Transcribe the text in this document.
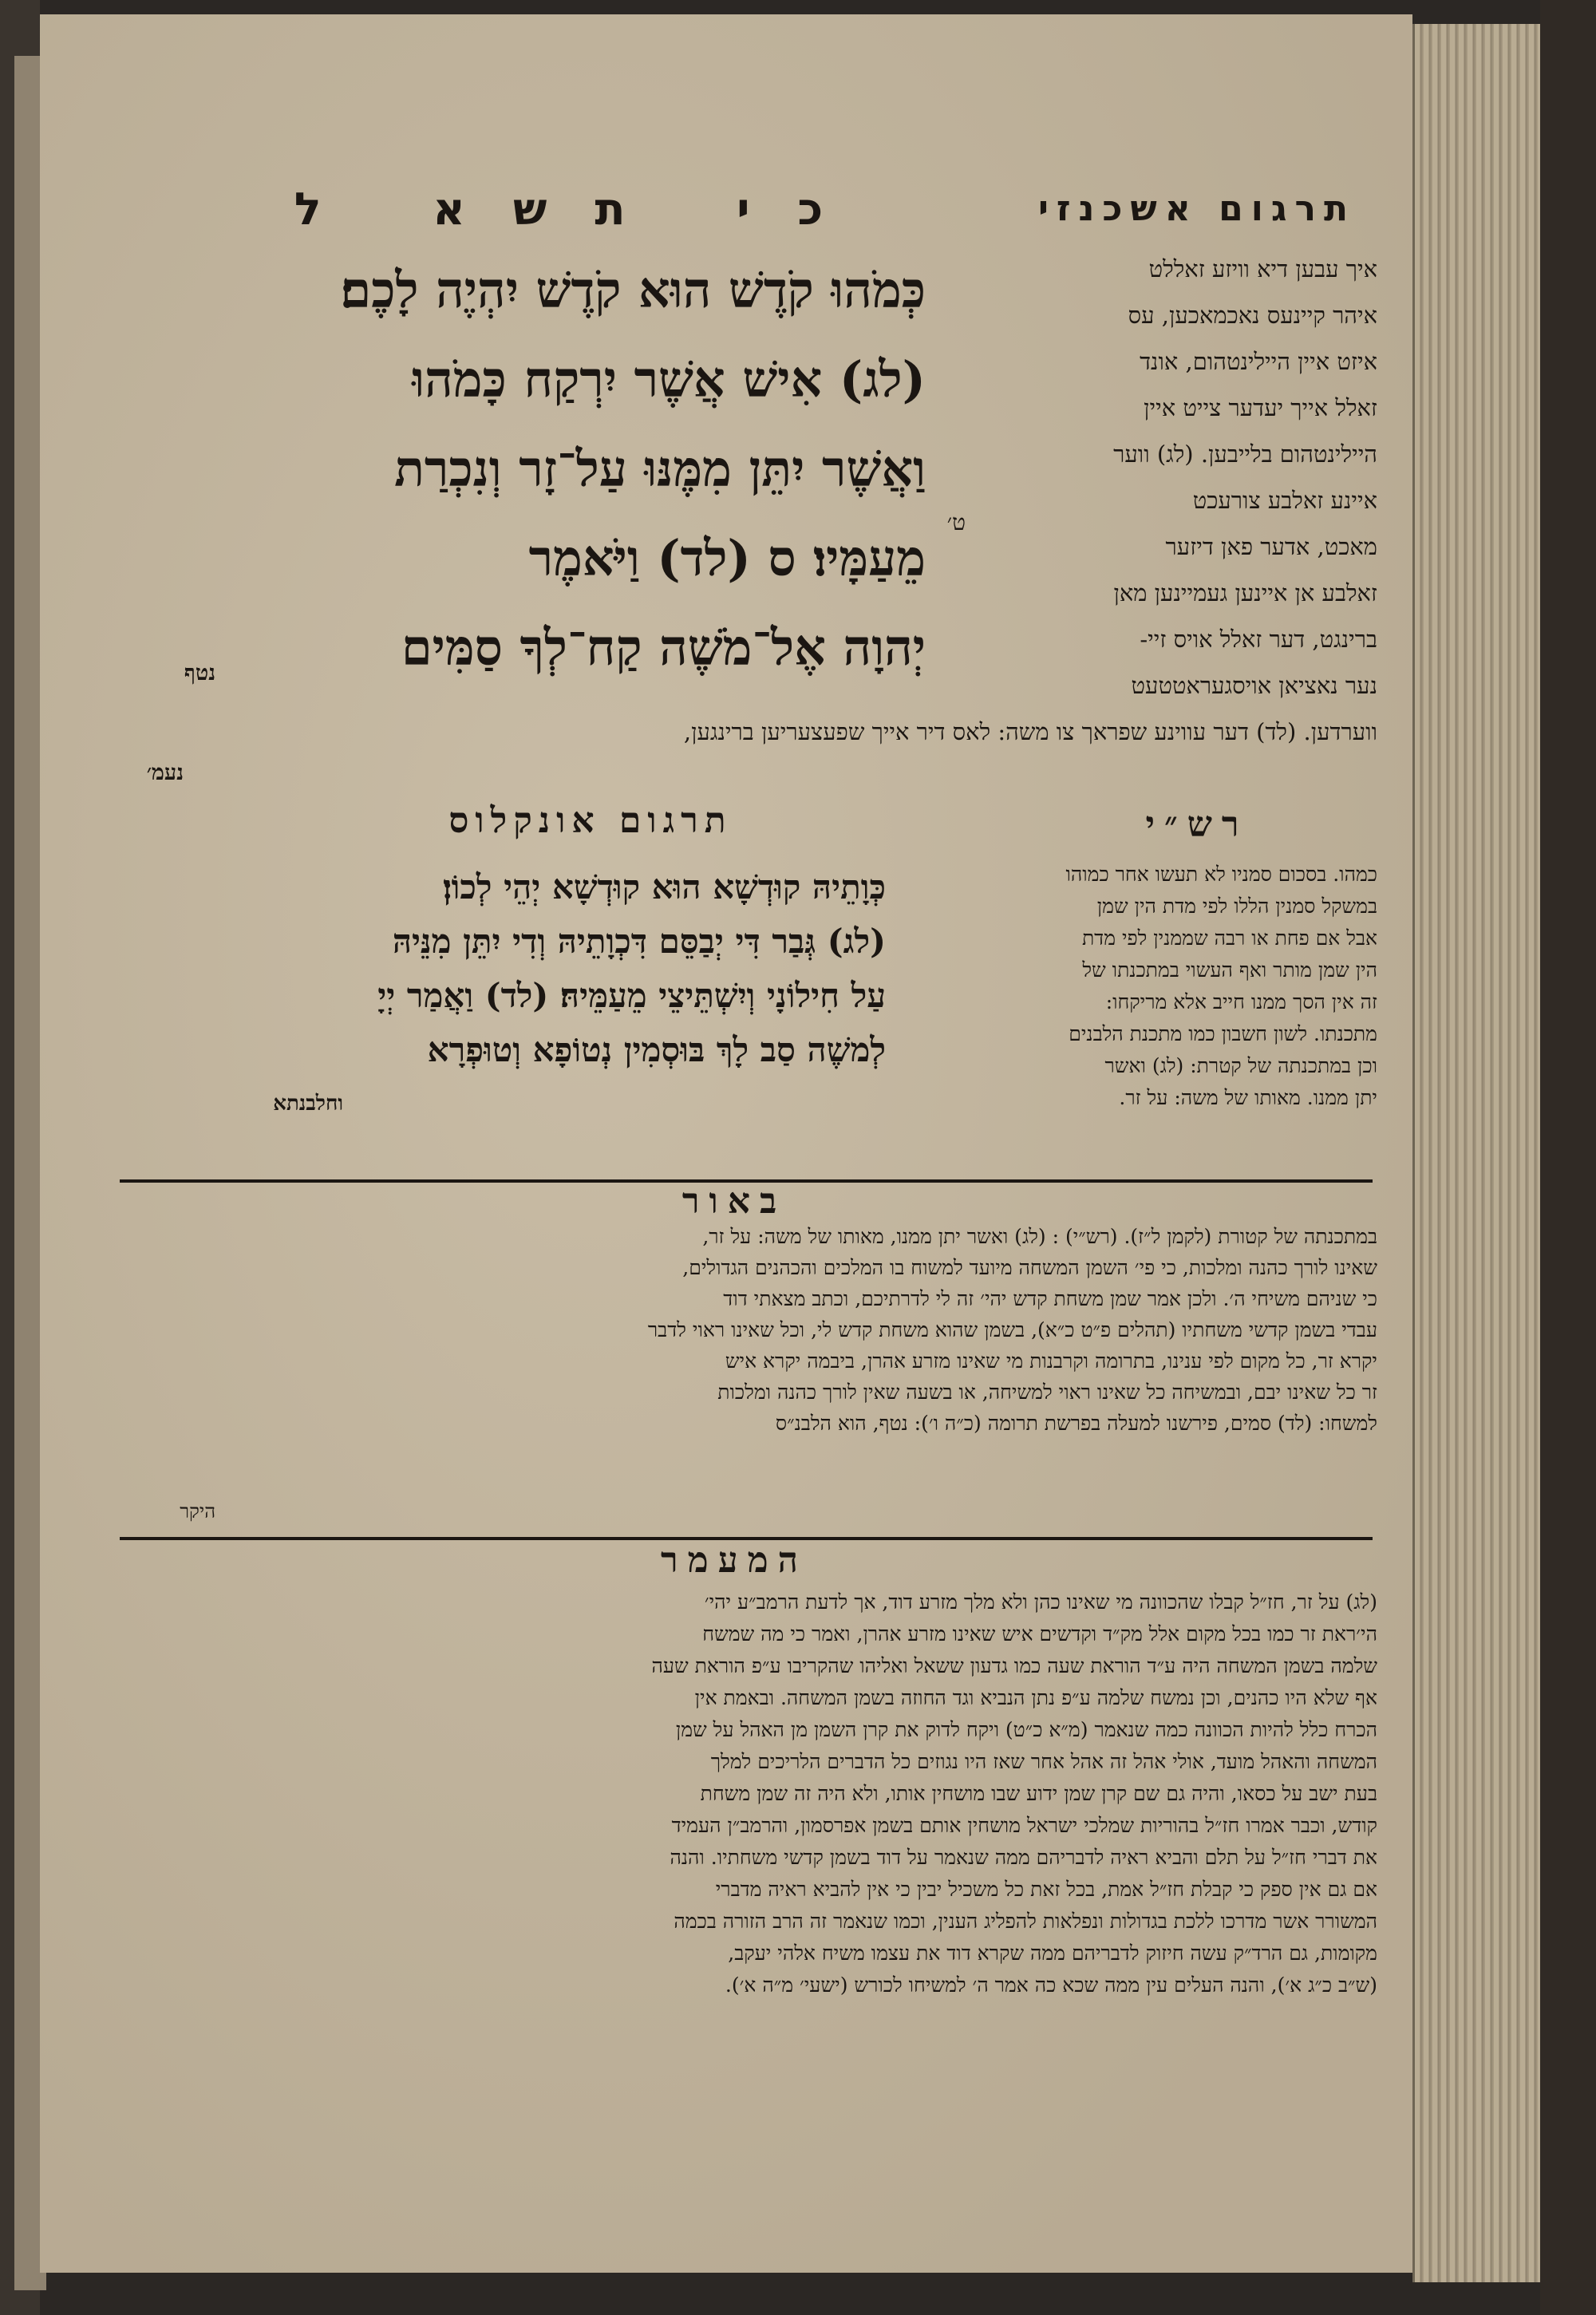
תרגום אשכנזי
כי תשא ל
איך עבען דיא וויזע זאללט
איהר קיינעס נאכמאכען, עס
איזט איין היילינטהום, אונד
זאלל אייך יעדער צייט איין
היילינטהום בלייבען. (לג) ווער
איינע זאלבע צורעכט
מאכט, אדער פאן דיזער
זאלבע אן איינען געמיינען מאן
ברינגט, דער זאלל אויס זיי-
נער נאציאן אויסגעראטטעט
ווערדען. (לד) דער עווינע שפראך צו משה: לאס דיר אייך שפעצעריען ברינגען,
נעמ׳
ט׳
כְּמֹהוּ קֹדֶשׁ הוּא קֹדֶשׁ יִהְיֶה לָכֶם׃
(לג) אִישׁ אֲשֶׁר יִרְקַח כָּמֹהוּ
וַאֲשֶׁר יִתֵּן מִמֶּנּוּ עַל־זָר וְנִכְרַת
מֵעַמָּיו׃ ס (לד) וַיֹּאמֶר
יְהוָה אֶל־מֹשֶׁה קַח־לְךָ סַמִּים
נטף
רש״י
כמהו. בסכום סמניו לא תעשו אחר כמוהו
במשקל סמנין הללו לפי מדת הין שמן
אבל אם פחת או רבה שממנין לפי מדת
הין שמן מותר ואף העשוי במתכנתו של
זה אין הסך ממנו חייב אלא מריקחו:
מתכנתו. לשון חשבון כמו מתכנת הלבנים
וכן במתכנתה של קטרת: (לג) ואשר
יתן ממנו. מאותו של משה: על זר.
תרגום אונקלוס
כְּוָתֵיהּ קוּדְשָׁא הוּא קוּדְשָׁא יְהֵי לְכוֹן׃
(לג) גְּבַר דִּי יְבַסֵּם דִּכְוָתֵיהּ וְדִי יִתֵּן מִנֵּיהּ
עַל חִילוֹנָי וְיִשְׁתֵּיצֵי מֵעַמֵּיהּ׃ (לד) וַאֲמַר יְיָ
לְמשֶׁה סַב לָךְ בּוּסְמִין נְטוֹפָא וְטוּפְרָא
וחלבנתא
באור
במתכנתה של קטורת (לקמן ל״ז). (רש״י) : (לג) ואשר יתן ממנו, מאותו של משה: על זר,
שאינו לורך כהנה ומלכות, כי פי׳ השמן המשחה מיועד למשוח בו המלכים והכהנים הגדולים,
כי שניהם משיחי ה׳. ולכן אמר שמן משחת קדש יהי׳ זה לי לדרתיכם, וכתב מצאתי דוד
עבדי בשמן קדשי משחתיו (תהלים פ״ט כ״א), בשמן שהוא משחת קדש לי, וכל שאינו ראוי לדבר
יקרא זר, כל מקום לפי ענינו, בתרומה וקרבנות מי שאינו מזרע אהרן, ביבמה יקרא איש
זר כל שאינו יבם, ובמשיחה כל שאינו ראוי למשיחה, או בשעה שאין לורך כהנה ומלכות
למשחו: (לד) סמים, פירשנו למעלה בפרשת תרומה (כ״ה ו׳): נטף, הוא הלבנ״ס
היקר
המעמר
(לג) על זר, חז״ל קבלו שהכוונה מי שאינו כהן ולא מלך מזרע דוד, אך לדעת הרמב״ע יהי׳
הי׳ראת זר כמו בכל מקום אלל מק״ד וקדשים איש שאינו מזרע אהרן, ואמר כי מה שמשח
שלמה בשמן המשחה היה ע״ד הוראת שעה כמו גדעון ששאל ואליהו שהקריבו ע״פ הוראת שעה
אף שלא היו כהנים, וכן נמשח שלמה ע״פ נתן הנביא וגד החוזה בשמן המשחה. ובאמת אין
הכרח כלל להיות הכוונה כמה שנאמר (מ״א כ״ט) ויקח לדוק את קרן השמן מן האהל על שמן
המשחה והאהל מועד, אולי אהל זה אהל אחר שאז היו נגוזים כל הדברים הלריכים למלך
בעת ישב על כסאו, והיה גם שם קרן שמן ידוע שבו מושחין אותו, ולא היה זה שמן משחת
קודש, וכבר אמרו חז״ל בהוריות שמלכי ישראל מושחין אותם בשמן אפרסמון, והרמב״ן העמיד
את דברי חז״ל על תלם והביא ראיה לדבריהם ממה שנאמר על דוד בשמן קדשי משחתיו. והנה
אם גם אין ספק כי קבלת חז״ל אמת, בכל זאת כל משכיל יבין כי אין להביא ראיה מדברי
המשורר אשר מדרכו ללכת בגדולות ונפלאות להפליג הענין, וכמו שנאמר זה הרב הזורה בכמה
מקומות, גם הרד״ק עשה חיזוק לדבריהם ממה שקרא דוד את עצמו משיח אלהי יעקב,
(ש״ב כ״ג א׳), והנה העלים עין ממה שכא כה אמר ה׳ למשיחו לכורש (ישעי׳ מ״ה א׳).
